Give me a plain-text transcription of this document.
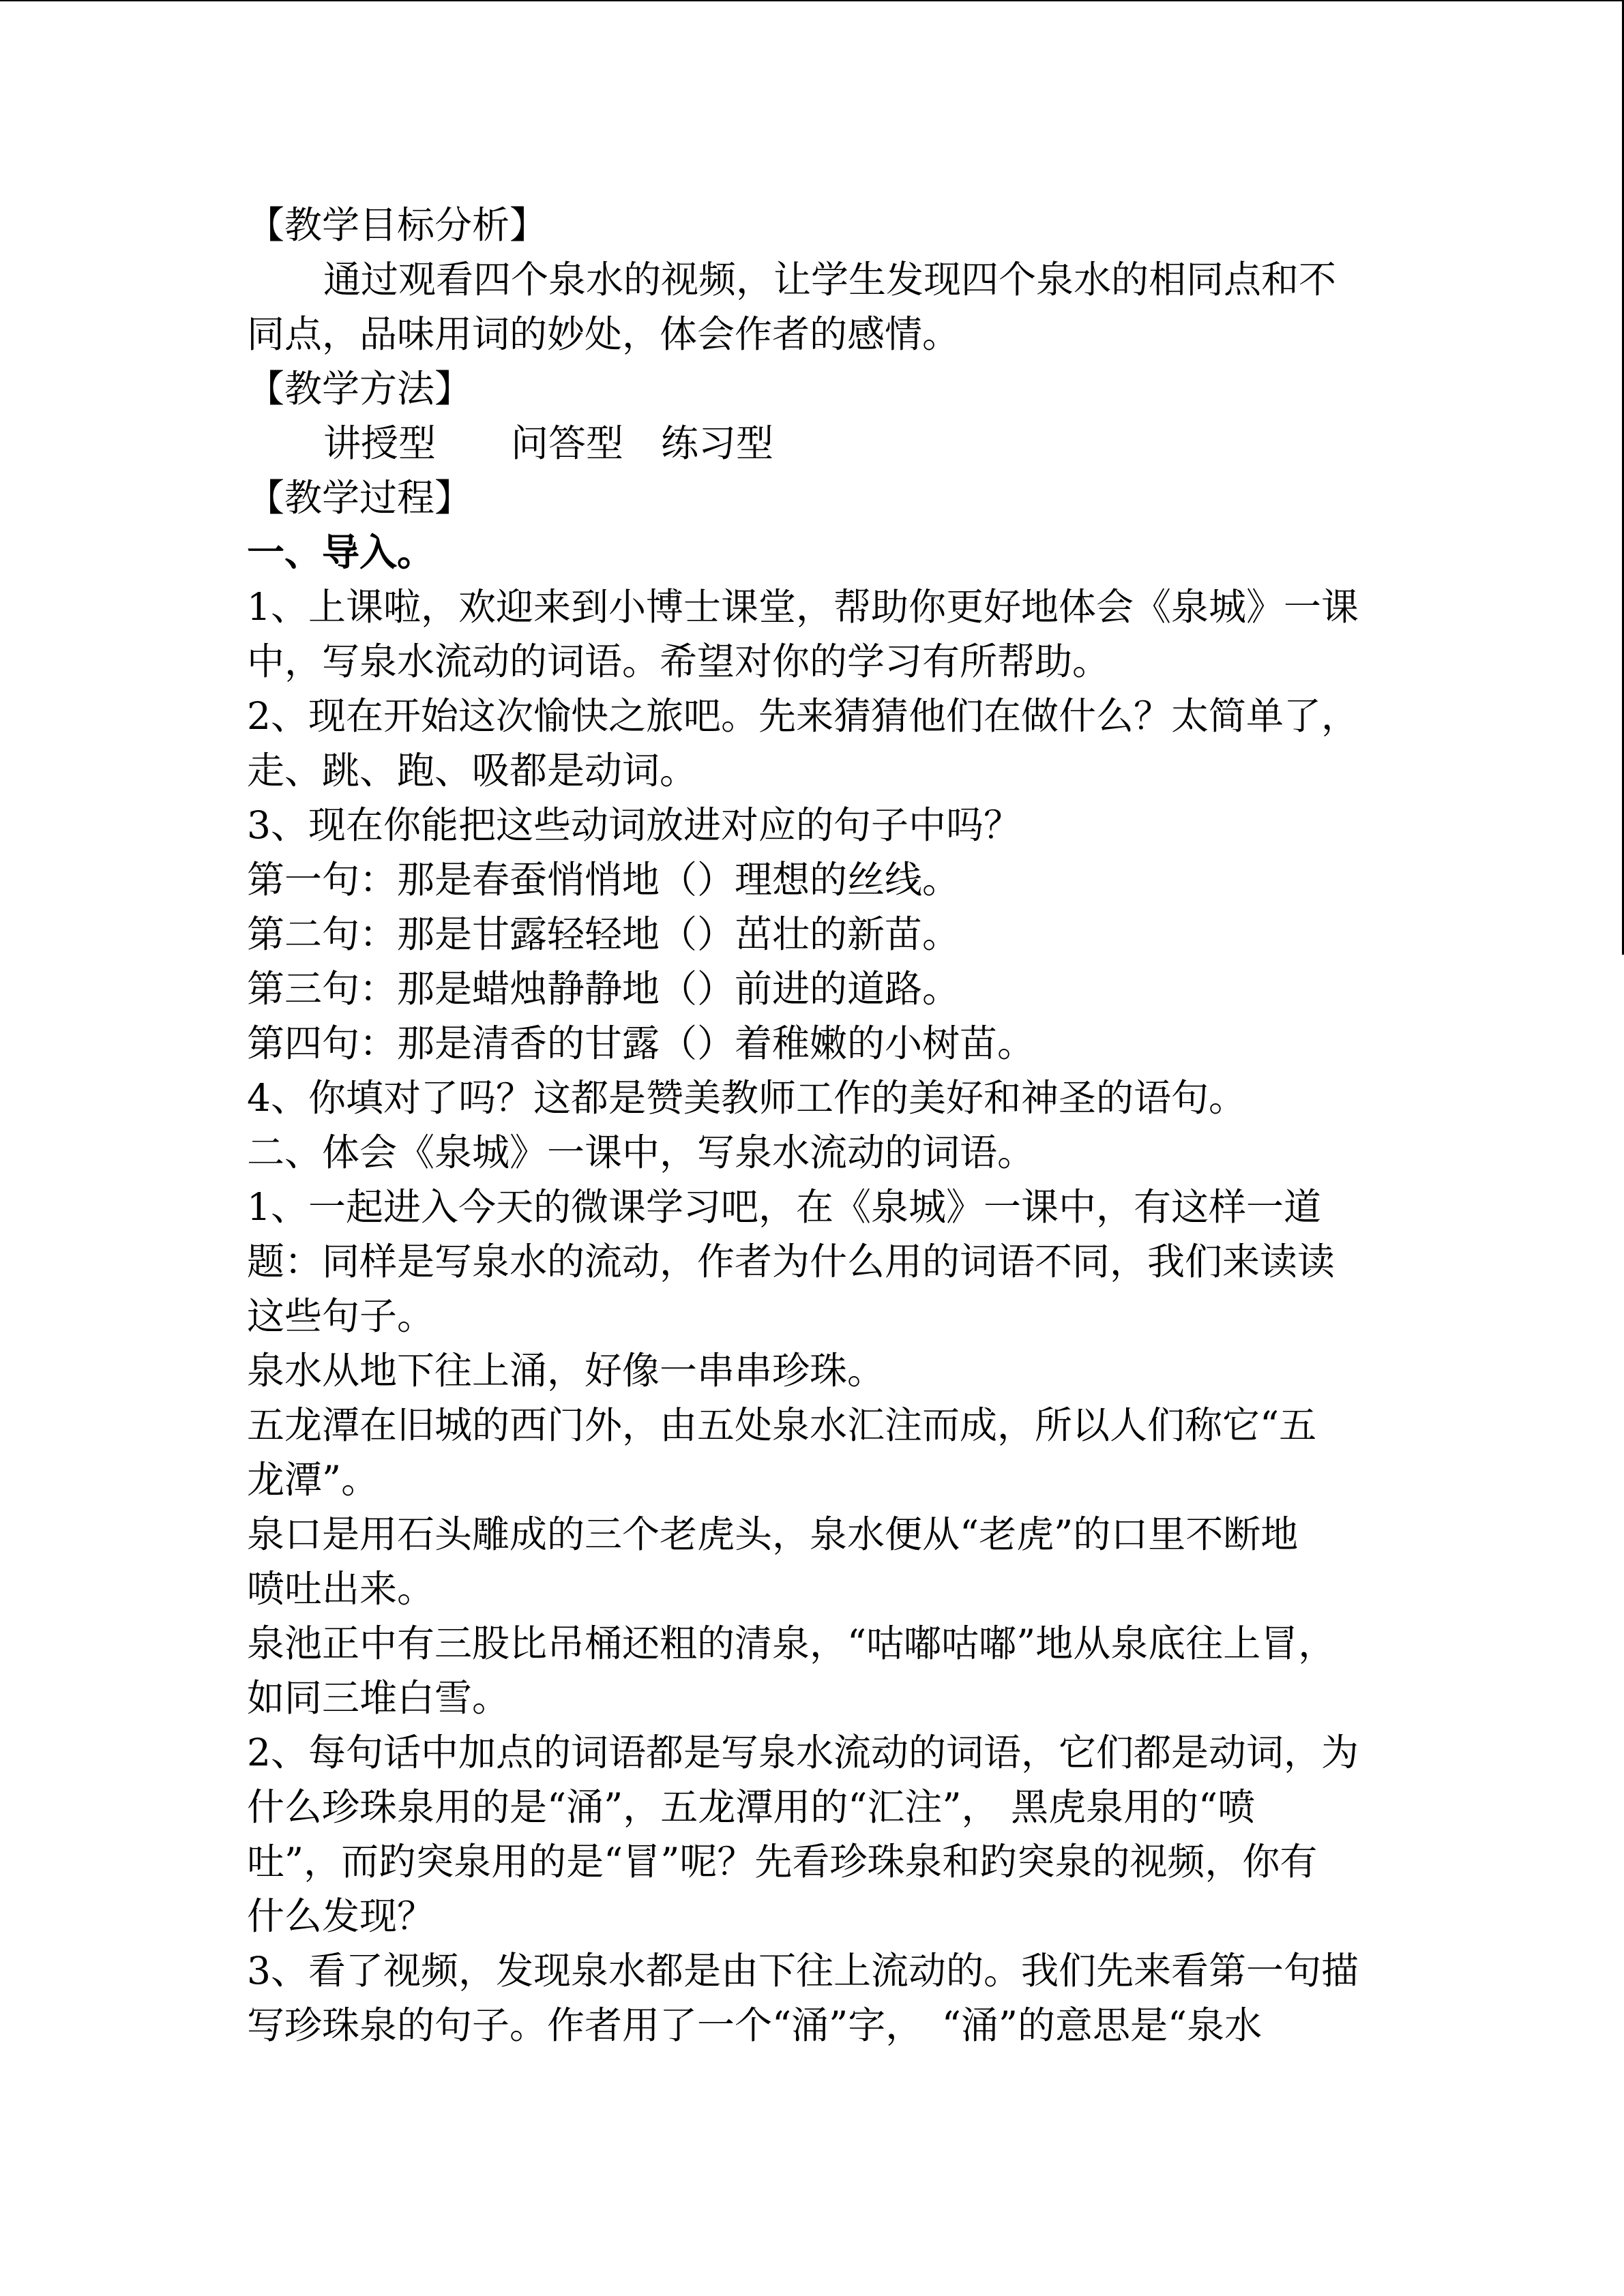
【教学目标分析】
通过观看四个泉水的视频，让学生发现四个泉水的相同点和不
同点，品味用词的妙处，体会作者的感情。
【教学方法】
讲授型　　问答型　练习型
【教学过程】
一、导入。
1、上课啦，欢迎来到小博士课堂，帮助你更好地体会《泉城》一课
中，写泉水流动的词语。希望对你的学习有所帮助。
2、现在开始这次愉快之旅吧。先来猜猜他们在做什么？太简单了，
走、跳、跑、吸都是动词。
3、现在你能把这些动词放进对应的句子中吗？
第一句：那是春蚕悄悄地（ ）理想的丝线。
第二句：那是甘露轻轻地（ ）茁壮的新苗。
第三句：那是蜡烛静静地（ ）前进的道路。
第四句：那是清香的甘露（ ）着稚嫩的小树苗。
4、你填对了吗？这都是赞美教师工作的美好和神圣的语句。
二、体会《泉城》一课中，写泉水流动的词语。
1、一起进入今天的微课学习吧，在《泉城》一课中，有这样一道
题：同样是写泉水的流动，作者为什么用的词语不同，我们来读读
这些句子。
泉水从地下往上涌，好像一串串珍珠。
五龙潭在旧城的西门外，由五处泉水汇注而成，所以人们称它“五
龙潭”。
泉口是用石头雕成的三个老虎头，泉水便从“老虎”的口里不断地
喷吐出来。
泉池正中有三股比吊桶还粗的清泉，“咕嘟咕嘟”地从泉底往上冒，
如同三堆白雪。
2、每句话中加点的词语都是写泉水流动的词语，它们都是动词，为
什么珍珠泉用的是“涌”，五龙潭用的“汇注”， 黑虎泉用的“喷
吐”，而趵突泉用的是“冒”呢？先看珍珠泉和趵突泉的视频，你有
什么发现？
3、看了视频，发现泉水都是由下往上流动的。我们先来看第一句描
写珍珠泉的句子。作者用了一个“涌”字，　“涌”的意思是“泉水
